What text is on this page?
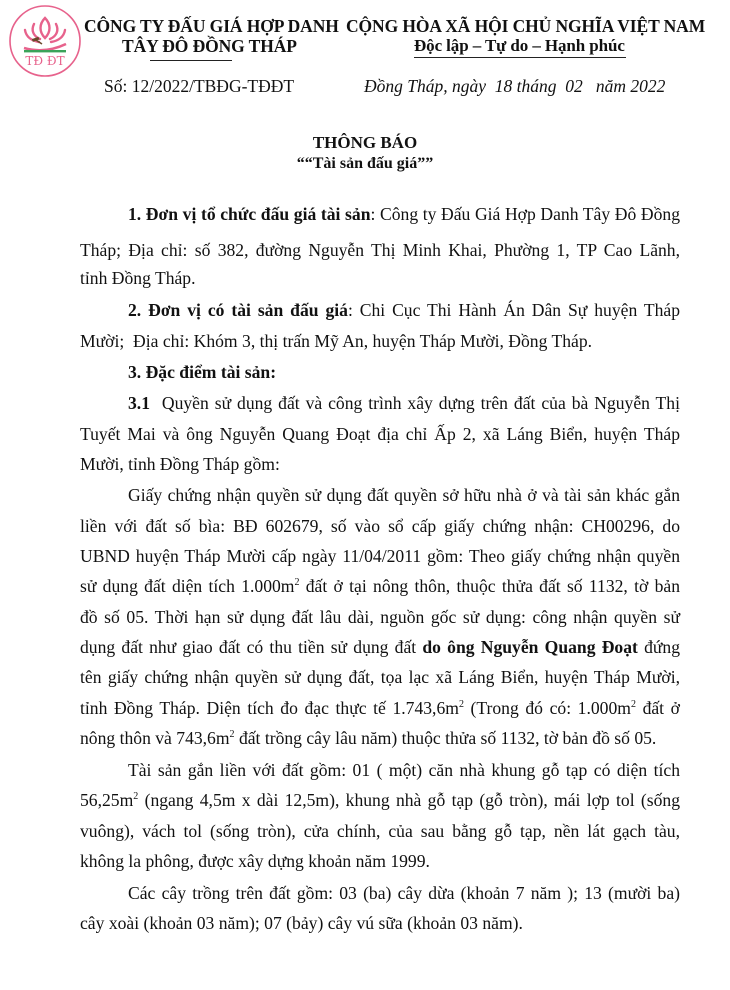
TĐ ĐT
CÔNG TY ĐẤU GIÁ HỢP DANH
TÂY ĐÔ ĐỒNG THÁP
CỘNG HÒA XÃ HỘI CHỦ NGHĨA VIỆT NAM
Độc lập – Tự do – Hạnh phúc
Số: 12/2022/TBĐG-TĐĐT	Đồng Tháp, ngày  18 tháng  02   năm 2022
THÔNG BÁO
““Tài sản đấu giá””
1. Đơn vị tổ chức đấu giá tài sản: Công ty Đấu Giá Hợp Danh Tây Đô Đồng
Tháp; Địa chỉ: số 382, đường Nguyễn Thị Minh Khai, Phường 1, TP Cao Lãnh,
tỉnh Đồng Tháp.
2. Đơn vị có tài sản đấu giá: Chi Cục Thi Hành Án Dân Sự huyện Tháp
Mười;  Địa chỉ: Khóm 3, thị trấn Mỹ An, huyện Tháp Mười, Đồng Tháp.
3. Đặc điểm tài sản:
3.1 Quyền sử dụng đất và công trình xây dựng trên đất của bà Nguyễn Thị
Tuyết Mai và ông Nguyễn Quang Đoạt địa chỉ Ấp 2, xã Láng Biển, huyện Tháp
Mười, tỉnh Đồng Tháp gồm:
Giấy chứng nhận quyền sử dụng đất quyền sở hữu nhà ở và tài sản khác gắn
liền với đất số bìa: BĐ 602679, số vào sổ cấp giấy chứng nhận: CH00296, do
UBND huyện Tháp Mười cấp ngày 11/04/2011 gồm: Theo giấy chứng nhận quyền
sử dụng đất diện tích $1.000m^2$ đất ở tại nông thôn, thuộc thửa đất số 1132, tờ bản
đồ số 05. Thời hạn sử dụng đất lâu dài, nguồn gốc sử dụng: công nhận quyền sử
dụng đất như giao đất có thu tiền sử dụng đất do ông Nguyễn Quang Đoạt đứng
tên giấy chứng nhận quyền sử dụng đất, tọa lạc xã Láng Biển, huyện Tháp Mười,
tỉnh Đồng Tháp. Diện tích đo đạc thực tế $1.743,6m^2$ (Trong đó có: $1.000m^2$ đất ở
nông thôn và $743,6m^2$ đất trồng cây lâu năm) thuộc thửa số 1132, tờ bản đồ số 05.
Tài sản gắn liền với đất gồm: 01 ( một) căn nhà khung gỗ tạp có diện tích
$56,25m^2$ (ngang 4,5m x dài 12,5m), khung nhà gỗ tạp (gỗ tròn), mái lợp tol (sống
vuông), vách tol (sống tròn), cửa chính, của sau bằng gỗ tạp, nền lát gạch tàu,
không la phông, được xây dựng khoản năm 1999.
Các cây trồng trên đất gồm: 03 (ba) cây dừa (khoản 7 năm ); 13 (mười ba)
cây xoài (khoản 03 năm); 07 (bảy) cây vú sữa (khoản 03 năm).
